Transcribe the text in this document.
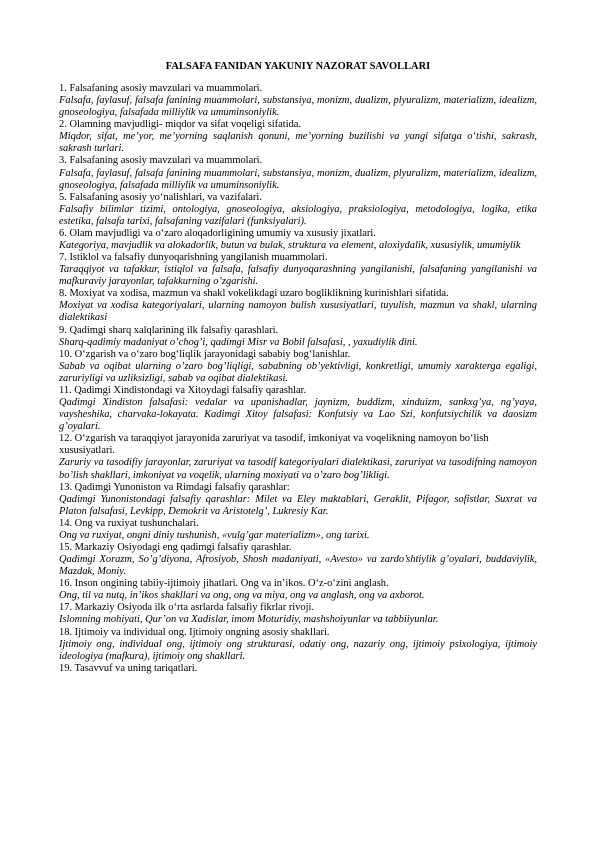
FALSAFA FANIDAN YAKUNIY NAZORAT SAVOLLARI

1. Falsafaning asosiy mavzulari va muammolari.

Falsafa, faylasuf, falsafa fanining muammolari, substansiya, monizm, dualizm, plyuralizm, materializm, idealizm, gnoseologiya, falsafada milliylik va umuminsoniylik.

2. Olamning mavjudligi- miqdor va sifat voqeligi sifatida.

Miqdor, sifat, me’yor, me’yorning saqlanish qonuni, me’yorning buzilishi va yangi sifatga o‘tishi, sakrash, sakrash turlari.

3. Falsafaning asosiy mavzulari va muammolari.

Falsafa, faylasuf, falsafa fanining muammolari, substansiya, monizm, dualizm, plyuralizm, materializm, idealizm, gnoseologiya, falsafada milliylik va umuminsoniylik.

5. Falsafaning asosiy yo‘nalishlari, va vazifalari.

Falsafiy bilimlar tizimi, ontologiya, gnoseologiya, aksiologiya, praksiologiya, metodologiya, logika, etika estetika, falsafa tarixi, falsafaning vazifalari (funksiyalari).

6. Olam mavjudligi va o‘zaro aloqadorligining umumiy va xususiy jixatlari.

Kategoriya, mavjudlik va alokadorlik, butun va bulak, struktura va element, aloxiydalik, xususiylik, umumiylik

7. Istiklol va falsafiy dunyoqarishning yangilanish muammolari.

Taraqqiyot va tafakkur, istiqlol va falsafa, falsafiy dunyoqarashning yangilanishi, falsafaning yangilanishi va mafkuraviy jarayonlar, tafakkurning o’zgarishi.

8. Moxiyat va xodisa, mazmun va shakl vokelikdagi uzaro bogliklikning kurinishlari sifatida.

Moxiyat va xodisa kategoriyalari, ularning namoyon bulish xususiyatlari, tuyulish, mazmun va shakl, ularning dialektikasi

9. Qadimgi sharq xalqlarining ilk falsafiy qarashlari.

Sharq-qadimiy madaniyat o’chog’i, qadimgi Misr va Bobil falsafasi, , yaxudiylik dini.

10. O‘zgarish va o‘zaro bog‘liqlik jarayonidagi sababiy bog‘lanishlar.

Sabab va oqibat ularning o’zaro bog’liqligi, sababning ob’yektivligi, konkretligi, umumiy xarakterga egaligi, zaruriyligi va uzliksizligi, sabab va oqibat dialektikasi.

11. Qadimgi Xindistondagi va Xitoydagi falsafiy qarashlar.

Qadimgi Xindiston falsafasi: vedalar va upanishadlar, jaynizm, buddizm, xinduizm, sankxg’ya, ng’yaya, vaysheshika, charvaka-lokayata. Kadimgi Xitoy falsafasi: Konfutsiy va Lao Szi, konfutsiychilik va daosizm g’oyalari.

12. O‘zgarish va taraqqiyot jarayonida zaruriyat va tasodif, imkoniyat va voqelikning namoyon bo‘lish xususiyatlari.

Zaruriy va tasodifiy jarayonlar, zaruriyat va tasodif kategoriyalari dialektikasi, zaruriyat va tasodifning namoyon bo’lish shakllari, imkoniyat va voqelik, ularning moxiyati va o’zaro bog’likligi.

13. Qadimgi Yunoniston va Rimdagi falsafiy qarashlar:

Qadimgi Yunonistondagi falsafiy qarashlar: Milet va Eley maktablari, Geraklit, Pifagor, sofistlar, Suxrat va Platon falsafasi, Levkipp, Demokrit va Aristotelg’, Lukresiy Kar.

14. Ong va ruxiyat tushunchalari.

Ong va ruxiyat, ongni diniy tushunish, «vulg’gar materializm», ong tarixi.

15. Markaziy Osiyodagi eng qadimgi falsafiy qarashlar.

Qadimgi Xorazm, So’g’diyona, Afrosiyob, Shosh madaniyati, «Avesto» va zardo’shtiylik g’oyalari, buddaviylik, Mazdak, Moniy.

16. Inson ongining tabiiy-ijtimoiy jihatlari. Ong va in’ikos. O‘z-o‘zini anglash.

Ong, til va nutq, in’ikos shakllari va ong, ong va miya, ong va anglash, ong va axborot.

17. Markaziy Osiyoda ilk o‘rta asrlarda falsafiy fikrlar rivoji.

Islomning mohiyati, Qur’on va Xadislar, imom Moturidiy, mashshoiyunlar va tabbiiyunlar.

18. Ijtimoiy va individual ong. Ijtimoiy ongning asosiy shakllari.

Ijtimoiy ong, individual ong, ijtimoiy ong strukturasi, odatiy ong, nazariy ong, ijtimoiy psixologiya, ijtimoiy ideologiya (mafkura), ijtimoiy ong shakllari.

19. Tasavvuf va uning tariqatlari.
